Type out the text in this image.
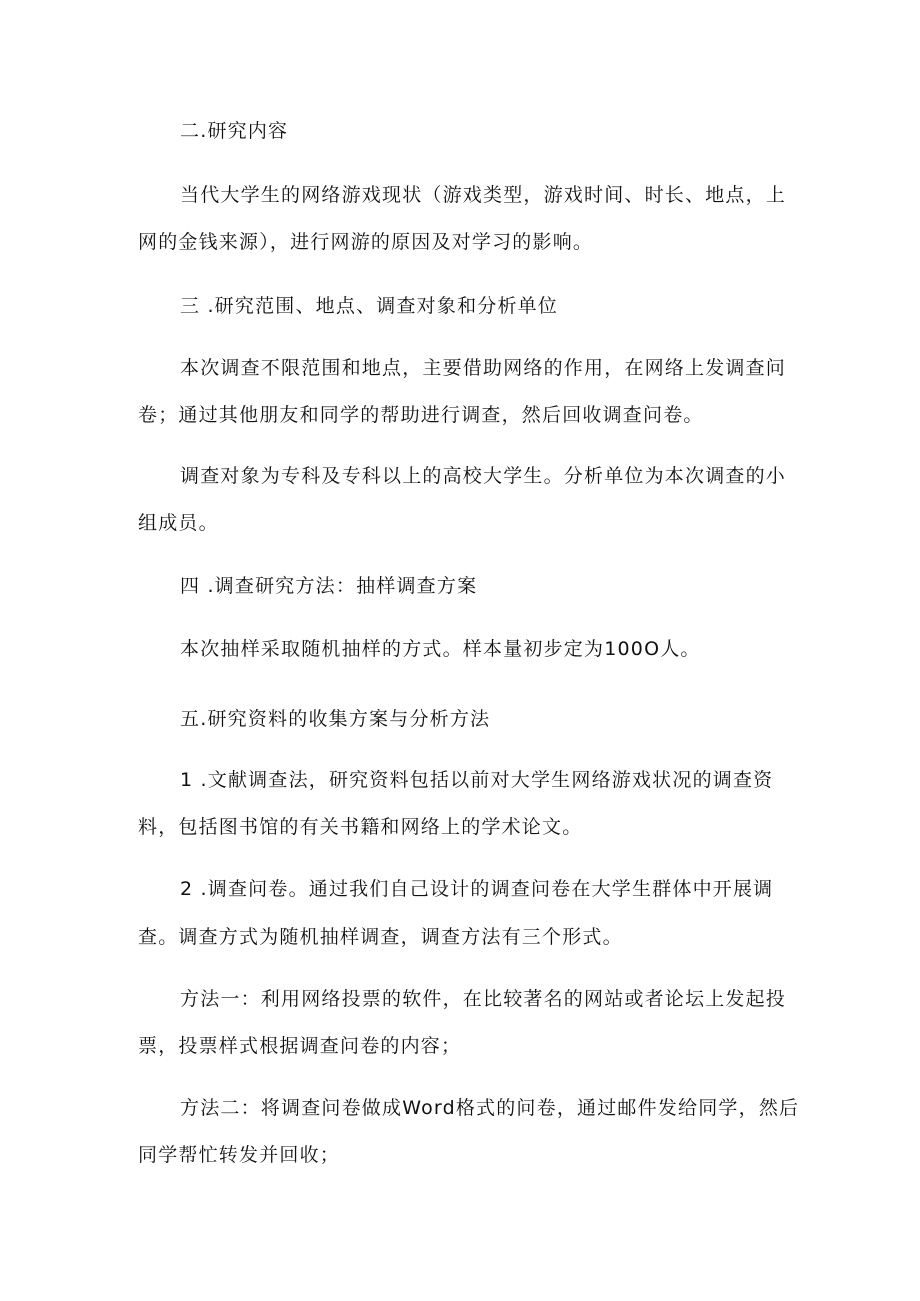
二.研究内容
当代大学生的网络游戏现状（游戏类型，游戏时间、时长、地点，上
网的金钱来源），进行网游的原因及对学习的影响。
三 .研究范围、地点、调查对象和分析单位
本次调查不限范围和地点，主要借助网络的作用，在网络上发调查问
卷；通过其他朋友和同学的帮助进行调查，然后回收调查问卷。
调查对象为专科及专科以上的高校大学生。分析单位为本次调查的小
组成员。
四 .调查研究方法：抽样调查方案
本次抽样采取随机抽样的方式。样本量初步定为100O人。
五.研究资料的收集方案与分析方法
1 .文献调查法，研究资料包括以前对大学生网络游戏状况的调查资
料，包括图书馆的有关书籍和网络上的学术论文。
2 .调查问卷。通过我们自己设计的调查问卷在大学生群体中开展调
查。调查方式为随机抽样调查，调查方法有三个形式。
方法一：利用网络投票的软件，在比较著名的网站或者论坛上发起投
票，投票样式根据调查问卷的内容；
方法二：将调查问卷做成Word格式的问卷，通过邮件发给同学，然后
同学帮忙转发并回收；
